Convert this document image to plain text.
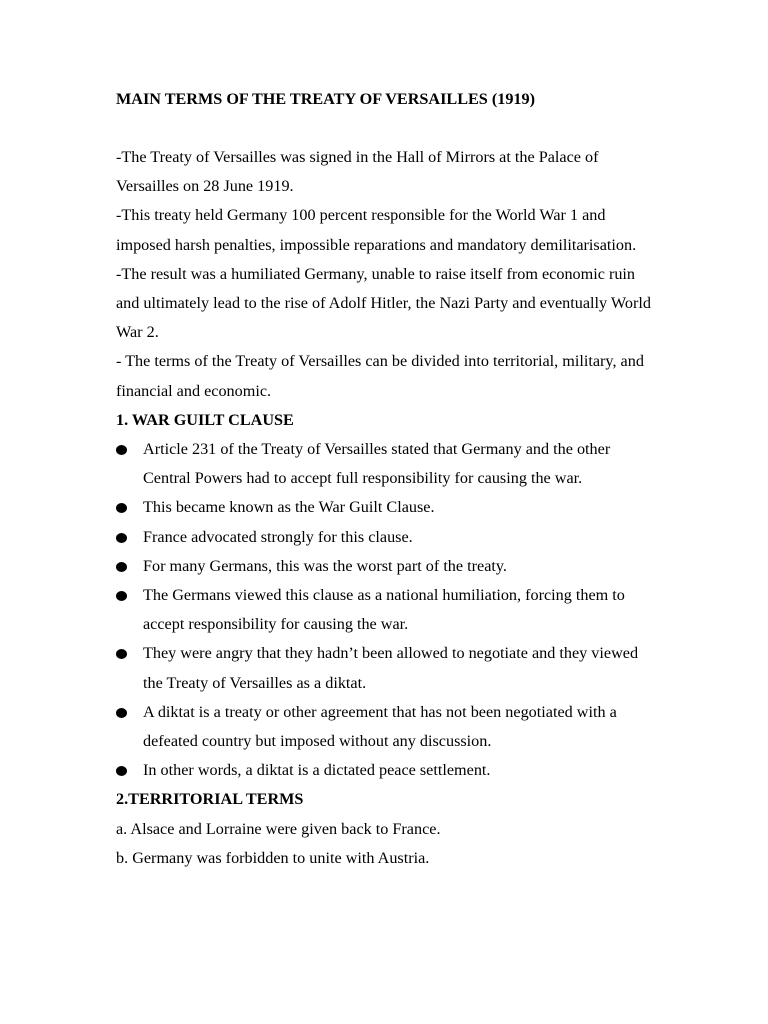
MAIN TERMS OF THE TREATY OF VERSAILLES (1919)

-The Treaty of Versailles was signed in the Hall of Mirrors at the Palace of Versailles on 28 June 1919.

-This treaty held Germany 100 percent responsible for the World War 1 and imposed harsh penalties, impossible reparations and mandatory demilitarisation.

-The result was a humiliated Germany, unable to raise itself from economic ruin and ultimately lead to the rise of Adolf Hitler, the Nazi Party and eventually World War 2.

- The terms of the Treaty of Versailles can be divided into territorial, military, and financial and economic.

1. WAR GUILT CLAUSE

Article 231 of the Treaty of Versailles stated that Germany and the other Central Powers had to accept full responsibility for causing the war.
This became known as the War Guilt Clause.
France advocated strongly for this clause.
For many Germans, this was the worst part of the treaty.
The Germans viewed this clause as a national humiliation, forcing them to accept responsibility for causing the war.
They were angry that they hadn’t been allowed to negotiate and they viewed the Treaty of Versailles as a diktat.
A diktat is a treaty or other agreement that has not been negotiated with a defeated country but imposed without any discussion.
In other words, a diktat is a dictated peace settlement.

2.TERRITORIAL TERMS

a. Alsace and Lorraine were given back to France.

b. Germany was forbidden to unite with Austria.
